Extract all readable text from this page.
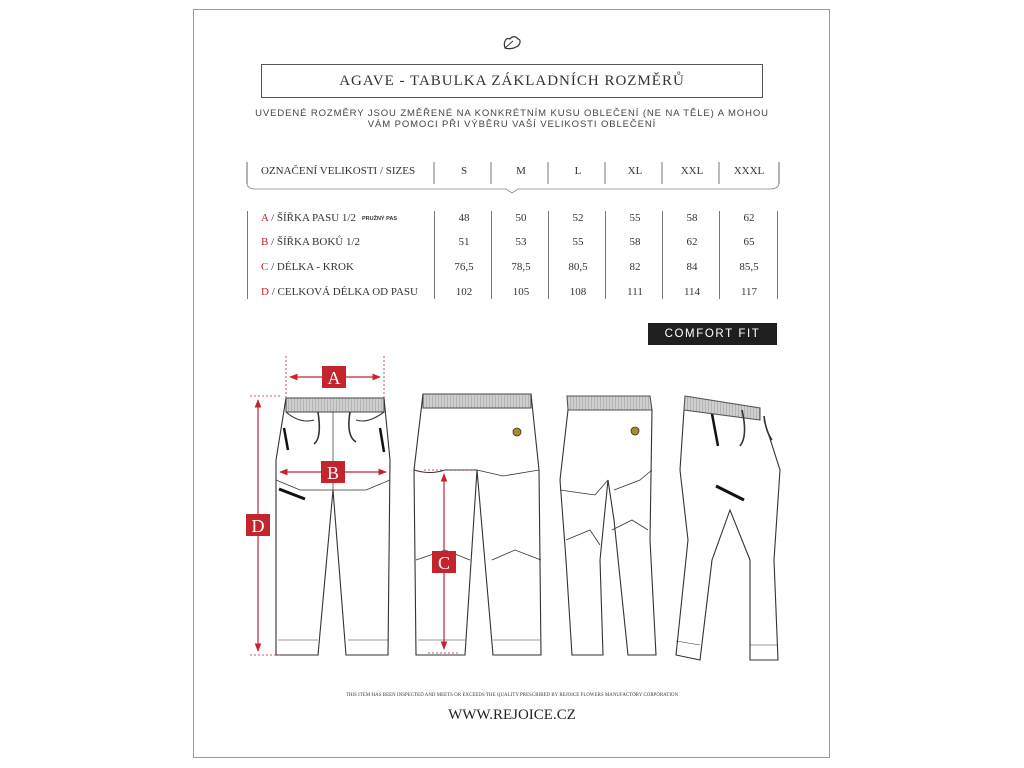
AGAVE - TABULKA ZÁKLADNÍCH ROZMĚRŮ
UVEDENÉ ROZMĚRY JSOU ZMĚŘENÉ NA KONKRÉTNÍM KUSU OBLEČENÍ (NE NA TĚLE) A MOHOU
VÁM POMOCI PŘI VÝBĚRU VAŠÍ VELIKOSTI OBLEČENÍ
OZNAČENÍ VELIKOSTI / SIZES	S	M	L	XL	XXL	XXXL
A / ŠÍŘKA PASU 1/2 PRUŽNÝ PAS	48	50	52	55	58	62
B / ŠÍŘKA BOKŮ 1/2	51	53	55	58	62	65
C / DÉLKA - KROK	76,5	78,5	80,5	82	84	85,5
D / CELKOVÁ DÉLKA OD PASU	102	105	108	111	114	117
COMFORT FIT
A
B
D
C
THIS ITEM HAS BEEN INSPECTED AND MEETS OR EXCEEDS THE QUALITY PRESCRIBED BY REJOICE FLOWERS MANUFACTORY CORPORATION
WWW.REJOICE.CZ
